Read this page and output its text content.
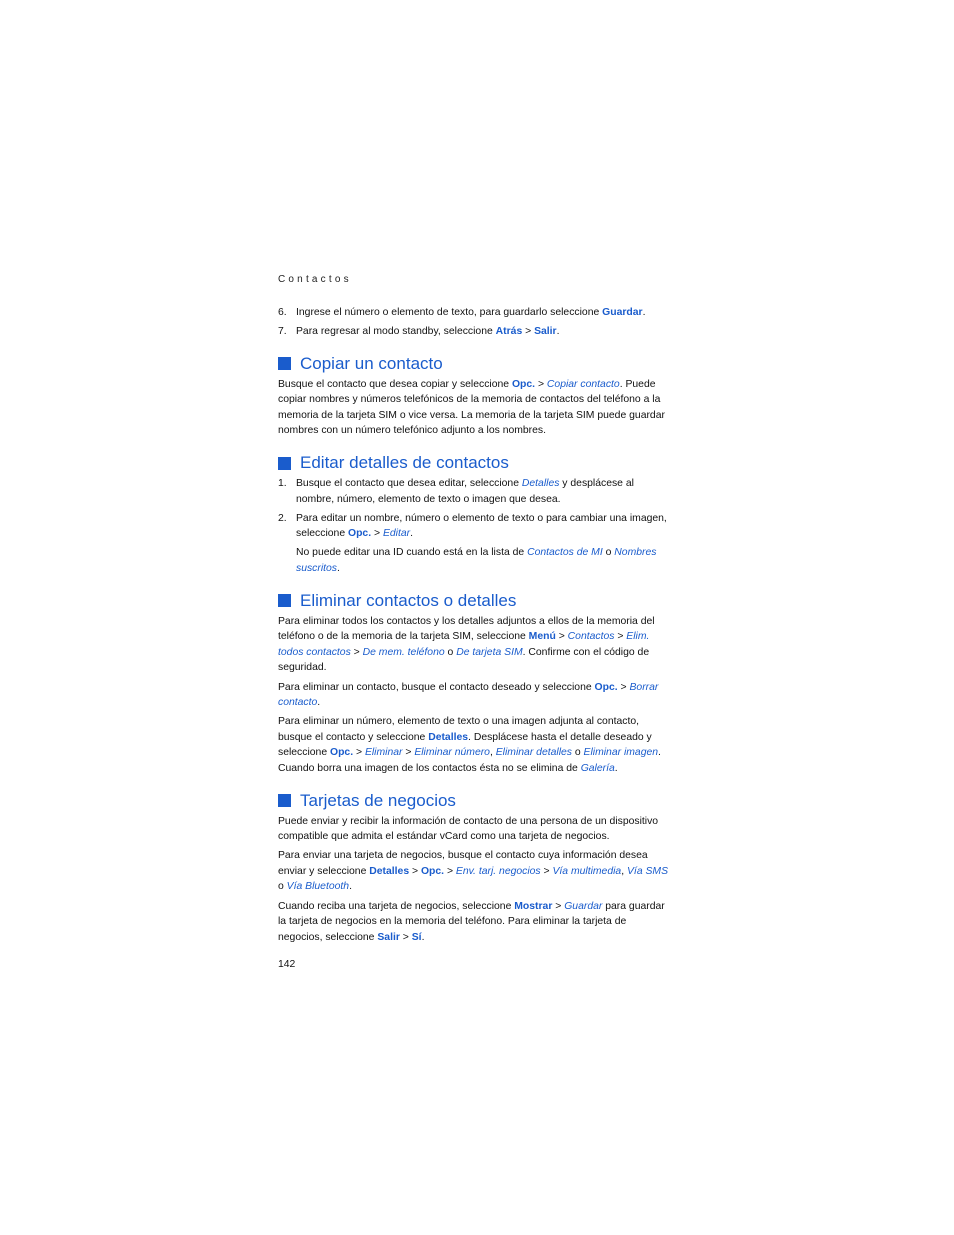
Contactos
6. Ingrese el número o elemento de texto, para guardarlo seleccione Guardar.
7. Para regresar al modo standby, seleccione Atrás > Salir.
Copiar un contacto

Busque el contacto que desea copiar y seleccione Opc. > Copiar contacto. Puede copiar nombres y números telefónicos de la memoria de contactos del teléfono a la memoria de la tarjeta SIM o vice versa. La memoria de la tarjeta SIM puede guardar nombres con un número telefónico adjunto a los nombres.

Editar detalles de contactos
1. Busque el contacto que desea editar, seleccione Detalles y desplácese al nombre, número, elemento de texto o imagen que desea.
2. Para editar un nombre, número o elemento de texto o para cambiar una imagen, seleccione Opc. > Editar.

No puede editar una ID cuando está en la lista de Contactos de MI o Nombres suscritos.

Eliminar contactos o detalles

Para eliminar todos los contactos y los detalles adjuntos a ellos de la memoria del teléfono o de la memoria de la tarjeta SIM, seleccione Menú > Contactos > Elim. todos contactos > De mem. teléfono o De tarjeta SIM. Confirme con el código de seguridad.

Para eliminar un contacto, busque el contacto deseado y seleccione Opc. > Borrar contacto.

Para eliminar un número, elemento de texto o una imagen adjunta al contacto, busque el contacto y seleccione Detalles. Desplácese hasta el detalle deseado y seleccione Opc. > Eliminar > Eliminar número, Eliminar detalles o Eliminar imagen. Cuando borra una imagen de los contactos ésta no se elimina de Galería.

Tarjetas de negocios

Puede enviar y recibir la información de contacto de una persona de un dispositivo compatible que admita el estándar vCard como una tarjeta de negocios.

Para enviar una tarjeta de negocios, busque el contacto cuya información desea enviar y seleccione Detalles > Opc. > Env. tarj. negocios > Vía multimedia, Vía SMS o Vía Bluetooth.

Cuando reciba una tarjeta de negocios, seleccione Mostrar > Guardar para guardar la tarjeta de negocios en la memoria del teléfono. Para eliminar la tarjeta de negocios, seleccione Salir > Sí.

142
